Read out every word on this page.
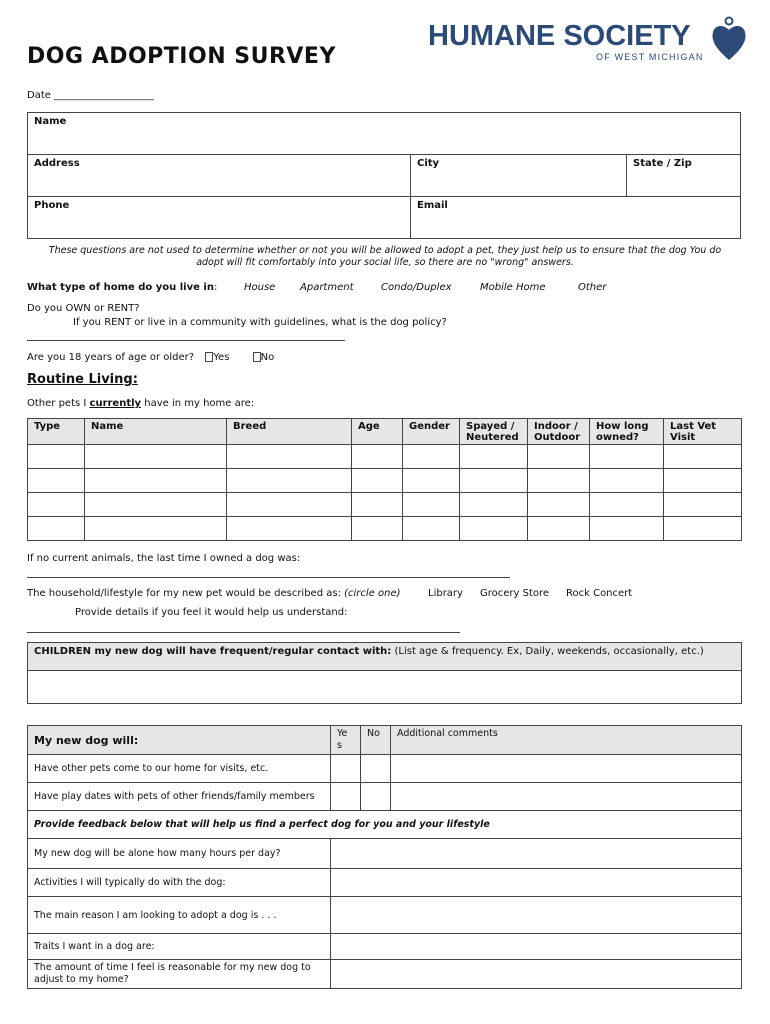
DOG ADOPTION SURVEY
HUMANE SOCIETY
OF WEST MICHIGAN
Date ____________________
Name		
Address	City	State / Zip
Phone	Email	
These questions are not used to determine whether or not you will be allowed to adopt a pet, they just help us to ensure that the dog You do adopt will fit comfortably into your social life, so there are no "wrong" answers.
What type of home do you live in:	House Apartment	Condo/Duplex	Mobile Home	Other
Do you OWN or RENT?
If you RENT or live in a community with guidelines, what is the dog policy?
Are you 18 years of age or older? Yes	No
Routine Living:
Other pets I currently have in my home are:
Type	Name	Breed	Age	Gender	Spayed / Neutered	Indoor / Outdoor	How long owned?	Last Vet Visit

If no current animals, the last time I owned a dog was:
The household/lifestyle for my new pet would be described as: (circle one)	Library Grocery Store Rock Concert
Provide details if you feel it would help us understand:
CHILDREN my new dog will have frequent/regular contact with: (List age & frequency. Ex, Daily, weekends, occasionally, etc.)

My new dog will:	Ye s	No	Additional comments
Have other pets come to our home for visits, etc.			
Have play dates with pets of other friends/family members			
Provide feedback below that will help us find a perfect dog for you and your lifestyle			
My new dog will be alone how many hours per day?			
Activities I will typically do with the dog:			
The main reason I am looking to adopt a dog is . . .			
Traits I want in a dog are:			
The amount of time I feel is reasonable for my new dog to adjust to my home?			
